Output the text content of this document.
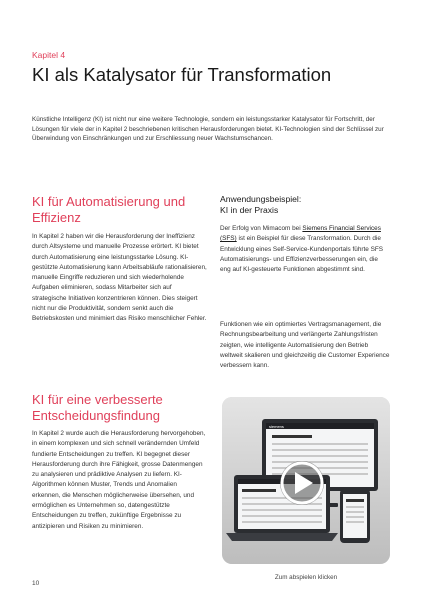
Kapitel 4
KI als Katalysator für Transformation

Künstliche Intelligenz (KI) ist nicht nur eine weitere Technologie, sondern ein leistungsstarker Katalysator für Fortschritt, der Lösungen für viele der in Kapitel 2 beschriebenen kritischen Herausforderungen bietet. KI-Technologien sind der Schlüssel zur Überwindung von Einschränkungen und zur Erschliessung neuer Wachstumschancen.

KI für Automatisierung und Effizienz

In Kapitel 2 haben wir die Herausforderung der Ineffizienz durch Altsysteme und manuelle Prozesse erörtert. KI bietet durch Automatisierung eine leistungsstarke Lösung. KI-gestützte Automatisierung kann Arbeitsabläufe rationalisieren, manuelle Eingriffe reduzieren und sich wiederholende Aufgaben eliminieren, sodass Mitarbeiter sich auf strategische Initiativen konzentrieren können. Dies steigert nicht nur die Produktivität, sondern senkt auch die Betriebskosten und minimiert das Risiko menschlicher Fehler.

KI für eine verbesserte Entscheidungsfindung

In Kapitel 2 wurde auch die Herausforderung hervorgehoben, in einem komplexen und sich schnell verändernden Umfeld fundierte Entscheidungen zu treffen. KI begegnet dieser Herausforderung durch ihre Fähigkeit, grosse Datenmengen zu analysieren und prädiktive Analysen zu liefern. KI-Algorithmen können Muster, Trends und Anomalien erkennen, die Menschen möglicherweise übersehen, und ermöglichen es Unternehmen so, datengestützte Entscheidungen zu treffen, zukünftige Ergebnisse zu antizipieren und Risiken zu minimieren.

Anwendungsbeispiel:
KI in der Praxis

Der Erfolg von Mimacom bei Siemens Financial Services (SFS) ist ein Beispiel für diese Transformation. Durch die Entwicklung eines Self-Service-Kundenportals führte SFS Automatisierungs- und Effizienzverbesserungen ein, die eng auf KI-gesteuerte Funktionen abgestimmt sind.

Funktionen wie ein optimiertes Vertragsmanagement, die Rechnungsbearbeitung und verlängerte Zahlungsfristen zeigten, wie intelligente Automatisierung den Betrieb weltweit skalieren und gleichzeitig die Customer Experience verbessern kann.

siemens
Zum abspielen klicken
10
